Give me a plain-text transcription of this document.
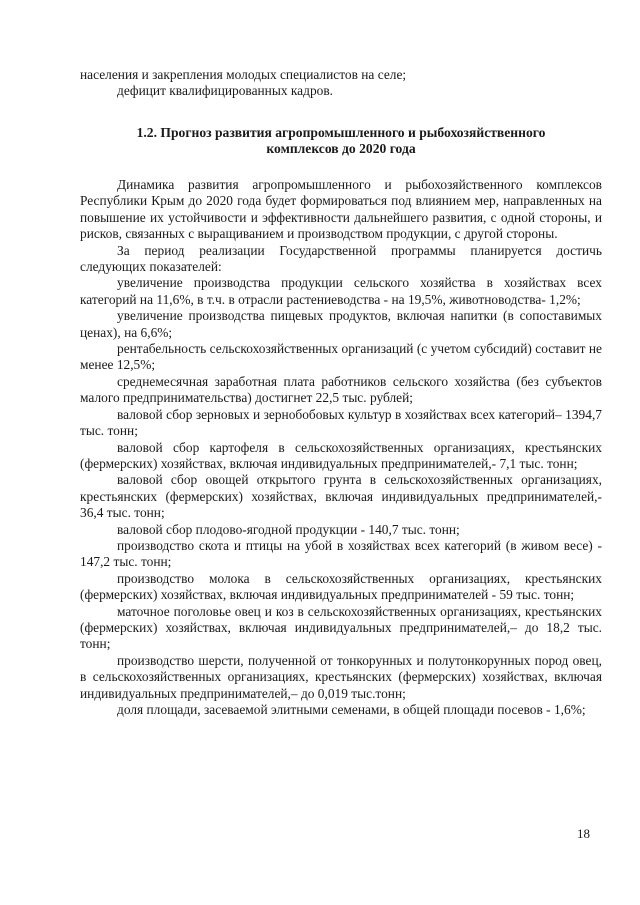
населения и закрепления молодых специалистов на селе;

дефицит квалифицированных кадров.

1.2. Прогноз развития агропромышленного и рыбохозяйственного
комплексов до 2020 года

Динамика развития агропромышленного и рыбохозяйственного комплексов Республики Крым до 2020 года будет формироваться под влиянием мер, направленных на повышение их устойчивости и эффективности дальнейшего развития, с одной стороны, и рисков, связанных с выращиванием и производством продукции, с другой стороны.

За период реализации Государственной программы планируется достичь следующих показателей:

увеличение производства продукции сельского хозяйства в хозяйствах всех категорий на 11,6%, в т.ч. в отрасли растениеводства - на 19,5%, животноводства- 1,2%;

увеличение производства пищевых продуктов, включая напитки (в сопоставимых ценах), на 6,6%;

рентабельность сельскохозяйственных организаций (с учетом субсидий) составит не менее 12,5%;

среднемесячная заработная плата работников сельского хозяйства (без субъектов малого предпринимательства) достигнет 22,5 тыс. рублей;

валовой сбор зерновых и зернобобовых культур в хозяйствах всех категорий– 1394,7 тыс. тонн;

валовой сбор картофеля в сельскохозяйственных организациях, крестьянских (фермерских) хозяйствах, включая индивидуальных предпринимателей,- 7,1 тыс. тонн;

валовой сбор овощей открытого грунта в сельскохозяйственных организациях, крестьянских (фермерских) хозяйствах, включая индивидуальных предпринимателей,- 36,4 тыс. тонн;

валовой сбор плодово-ягодной продукции - 140,7 тыс. тонн;

производство скота и птицы на убой в хозяйствах всех категорий (в живом весе) - 147,2 тыс. тонн;

производство молока в сельскохозяйственных организациях, крестьянских (фермерских) хозяйствах, включая индивидуальных предпринимателей - 59 тыс. тонн;

маточное поголовье овец и коз в сельскохозяйственных организациях, крестьянских (фермерских) хозяйствах, включая индивидуальных предпринимателей,– до 18,2 тыс. тонн;

производство шерсти, полученной от тонкорунных и полутонкорунных пород овец, в сельскохозяйственных организациях, крестьянских (фермерских) хозяйствах, включая индивидуальных предпринимателей,– до 0,019 тыс.тонн;

доля площади, засеваемой элитными семенами, в общей площади посевов - 1,6%;

18
